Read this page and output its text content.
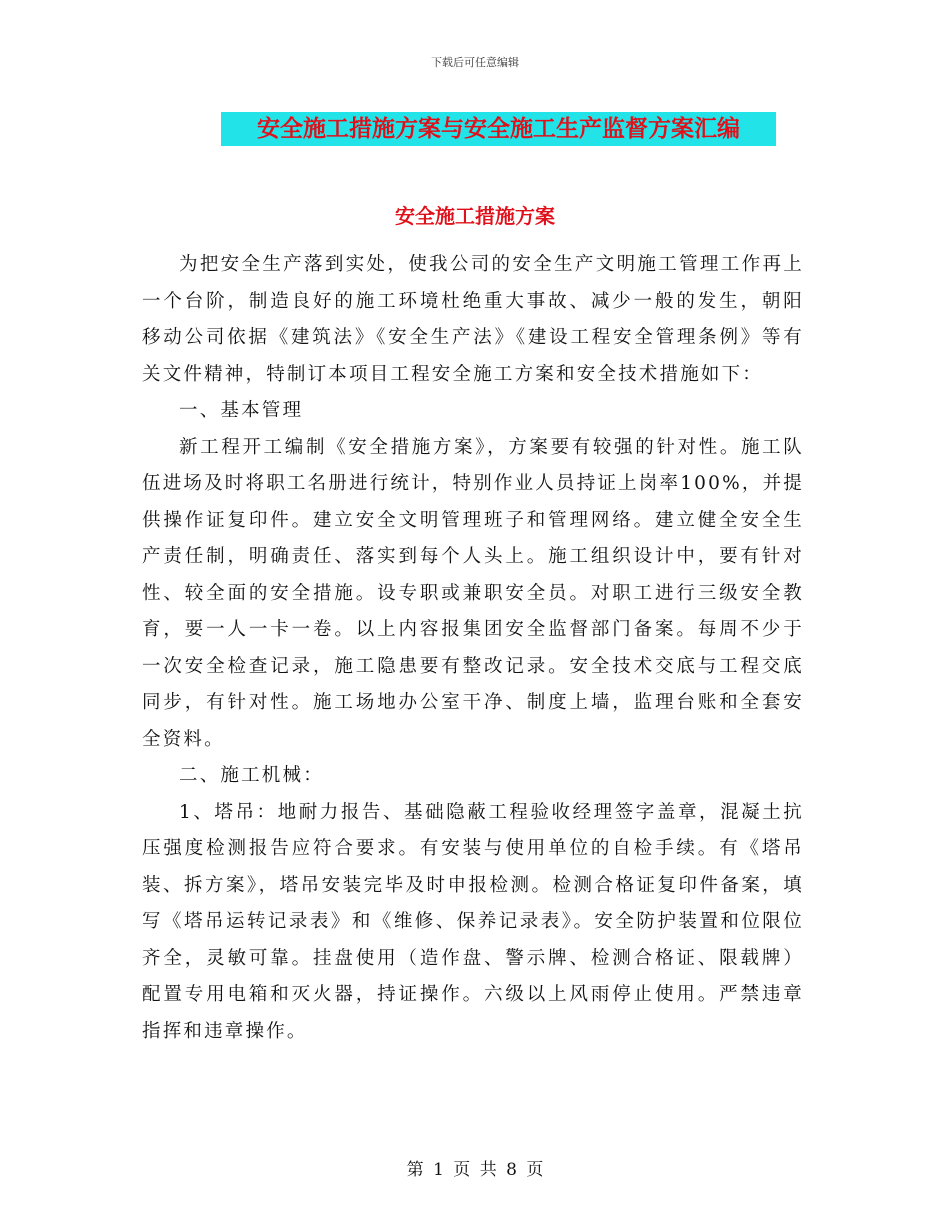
下载后可任意编辑
安全施工措施方案与安全施工生产监督方案汇编
安全施工措施方案

为把安全生产落到实处，使我公司的安全生产文明施工管理工作再上一个台阶，制造良好的施工环境杜绝重大事故、减少一般的发生，朝阳移动公司依据《建筑法》《安全生产法》《建设工程安全管理条例》等有关文件精神，特制订本项目工程安全施工方案和安全技术措施如下：

一、基本管理

新工程开工编制《安全措施方案》，方案要有较强的针对性。施工队伍进场及时将职工名册进行统计，特别作业人员持证上岗率100%，并提供操作证复印件。建立安全文明管理班子和管理网络。建立健全安全生产责任制，明确责任、落实到每个人头上。施工组织设计中，要有针对性、较全面的安全措施。设专职或兼职安全员。对职工进行三级安全教育，要一人一卡一卷。以上内容报集团安全监督部门备案。每周不少于一次安全检查记录，施工隐患要有整改记录。安全技术交底与工程交底同步，有针对性。施工场地办公室干净、制度上墙，监理台账和全套安全资料。

二、施工机械：

1、塔吊：地耐力报告、基础隐蔽工程验收经理签字盖章，混凝土抗压强度检测报告应符合要求。有安装与使用单位的自检手续。有《塔吊装、拆方案》，塔吊安装完毕及时申报检测。检测合格证复印件备案，填写《塔吊运转记录表》和《维修、保养记录表》。安全防护装置和位限位齐全，灵敏可靠。挂盘使用（造作盘、警示牌、检测合格证、限载牌）配置专用电箱和灭火器，持证操作。六级以上风雨停止使用。严禁违章指挥和违章操作。

第 1 页 共 8 页
